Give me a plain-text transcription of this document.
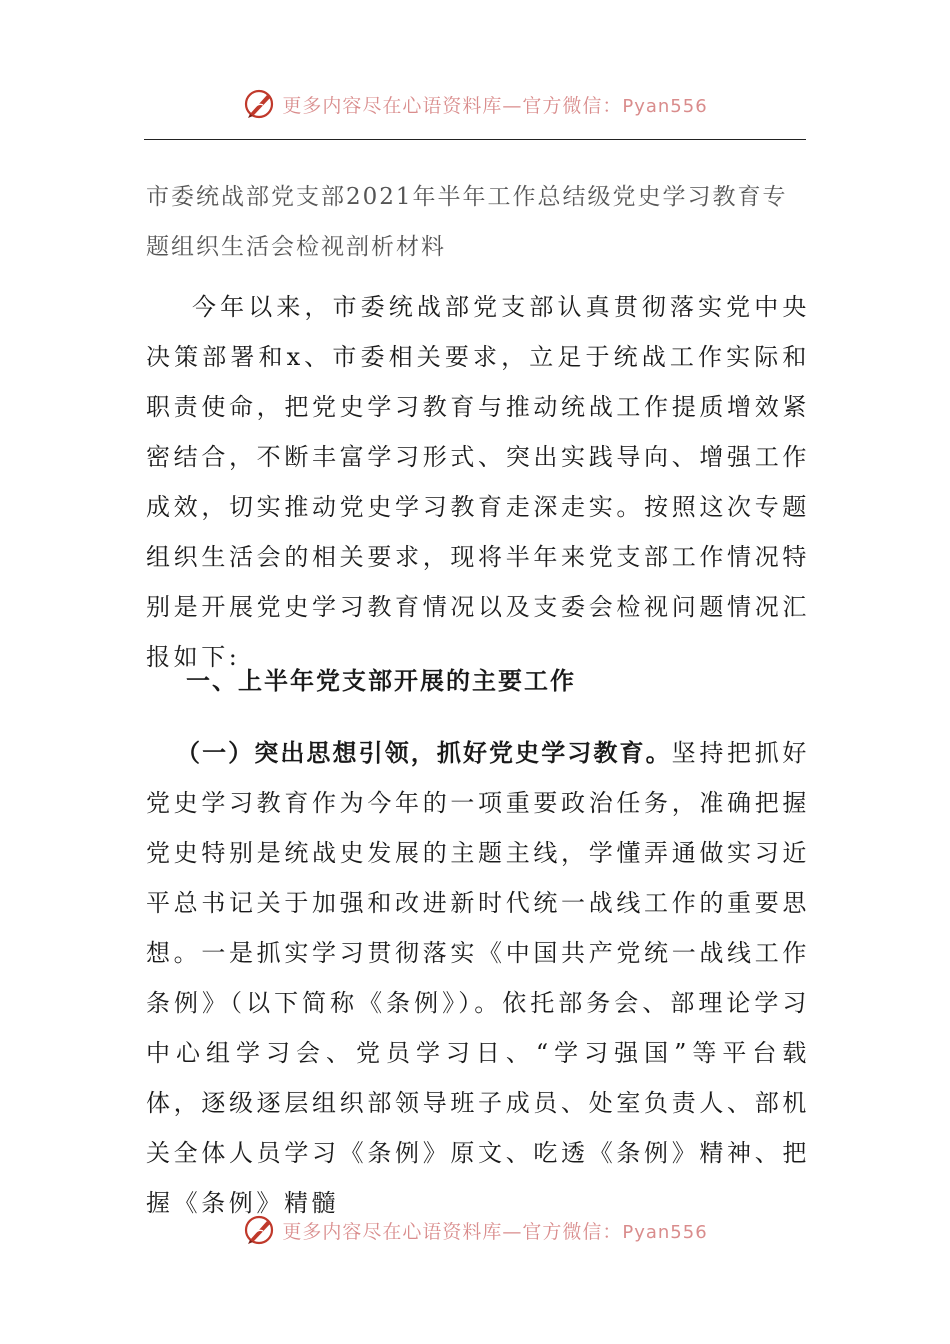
更多内容尽在心语资料库—官方微信：Pyan556
市委统战部党支部2021年半年工作总结级党史学习教育专题组织生活会检视剖析材料

今年以来，市委统战部党支部认真贯彻落实党中央决策部署和x、市委相关要求，立足于统战工作实际和职责使命，把党史学习教育与推动统战工作提质增效紧密结合，不断丰富学习形式、突出实践导向、增强工作成效，切实推动党史学习教育走深走实。按照这次专题组织生活会的相关要求，现将半年来党支部工作情况特别是开展党史学习教育情况以及支委会检视问题情况汇报如下:

一、上半年党支部开展的主要工作

（一）突出思想引领，抓好党史学习教育。坚持把抓好党史学习教育作为今年的一项重要政治任务，准确把握党史特别是统战史发展的主题主线，学懂弄通做实习近平总书记关于加强和改进新时代统一战线工作的重要思想。一是抓实学习贯彻落实《中国共产党统一战线工作条例》（以下简称《条例》）。依托部务会、部理论学习中心组学习会、党员学习日、“学习强国”等平台载体，逐级逐层组织部领导班子成员、处室负责人、部机关全体人员学习《条例》原文、吃透《条例》精神、把握《条例》精髓

更多内容尽在心语资料库—官方微信：Pyan556
